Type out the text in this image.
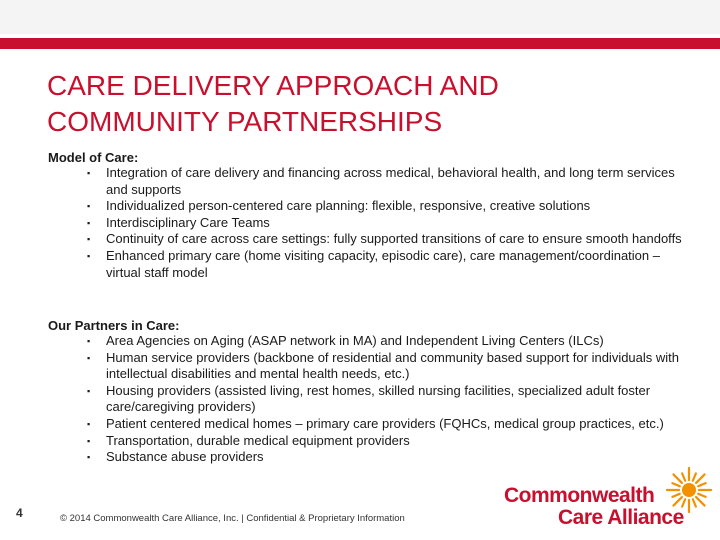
CARE DELIVERY APPROACH AND
COMMUNITY PARTNERSHIPS

Model of Care:

▪ Integration of care delivery and financing across medical, behavioral health, and long term services and supports
▪ Individualized person-centered care planning: flexible, responsive, creative solutions
▪ Interdisciplinary Care Teams
▪ Continuity of care across care settings: fully supported transitions of care to ensure smooth handoffs
▪ Enhanced primary care (home visiting capacity, episodic care), care management/coordination – virtual staff model

Our Partners in Care:

▪ Area Agencies on Aging (ASAP network in MA) and Independent Living Centers (ILCs)
▪ Human service providers (backbone of residential and community based support for individuals with intellectual disabilities and mental health needs, etc.)
▪ Housing providers (assisted living, rest homes, skilled nursing facilities, specialized adult foster care/caregiving providers)
▪ Patient centered medical homes – primary care providers (FQHCs, medical group practices, etc.)
▪ Transportation, durable medical equipment providers
▪ Substance abuse providers
4	© 2014 Commonwealth Care Alliance, Inc. | Confidential & Proprietary Information
Commonwealth
Care Alliance
